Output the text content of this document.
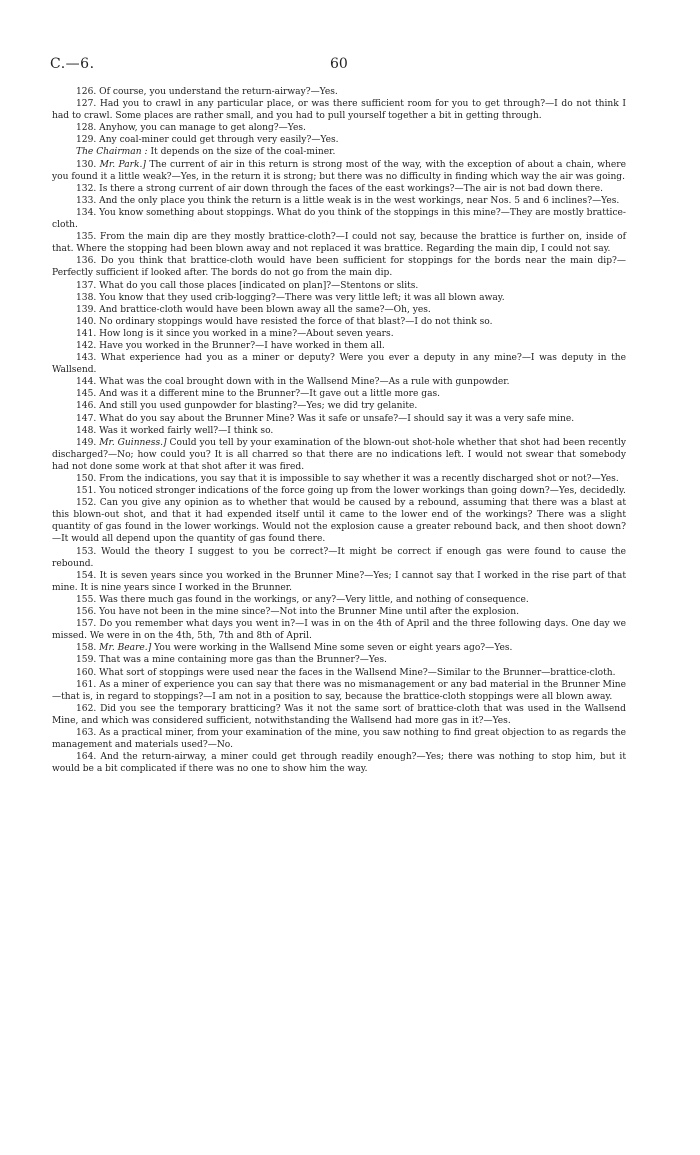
C.—6.	60

126. Of course, you understand the return-airway?—Yes.

127. Had you to crawl in any particular place, or was there sufficient room for you to get through?—I do not think I had to crawl. Some places are rather small, and you had to pull yourself together a bit in getting through.

128. Anyhow, you can manage to get along?—Yes.

129. Any coal-miner could get through very easily?—Yes.

The Chairman : It depends on the size of the coal-miner.

130. Mr. Park.] The current of air in this return is strong most of the way, with the exception of about a chain, where you found it a little weak?—Yes, in the return it is strong; but there was no difficulty in finding which way the air was going.

132. Is there a strong current of air down through the faces of the east workings?—The air is not bad down there.

133. And the only place you think the return is a little weak is in the west workings, near Nos. 5 and 6 inclines?—Yes.

134. You know something about stoppings. What do you think of the stoppings in this mine?—They are mostly brattice-cloth.

135. From the main dip are they mostly brattice-cloth?—I could not say, because the brattice is further on, inside of that. Where the stopping had been blown away and not replaced it was brattice. Regarding the main dip, I could not say.

136. Do you think that brattice-cloth would have been sufficient for stoppings for the bords near the main dip?—Perfectly sufficient if looked after. The bords do not go from the main dip.

137. What do you call those places [indicated on plan]?—Stentons or slits.

138. You know that they used crib-logging?—There was very little left; it was all blown away.

139. And brattice-cloth would have been blown away all the same?—Oh, yes.

140. No ordinary stoppings would have resisted the force of that blast?—I do not think so.

141. How long is it since you worked in a mine?—About seven years.

142. Have you worked in the Brunner?—I have worked in them all.

143. What experience had you as a miner or deputy? Were you ever a deputy in any mine?—I was deputy in the Wallsend.

144. What was the coal brought down with in the Wallsend Mine?—As a rule with gunpowder.

145. And was it a different mine to the Brunner?—It gave out a little more gas.

146. And still you used gunpowder for blasting?—Yes; we did try gelanite.

147. What do you say about the Brunner Mine? Was it safe or unsafe?—I should say it was a very safe mine.

148. Was it worked fairly well?—I think so.

149. Mr. Guinness.] Could you tell by your examination of the blown-out shot-hole whether that shot had been recently discharged?—No; how could you? It is all charred so that there are no indications left. I would not swear that somebody had not done some work at that shot after it was fired.

150. From the indications, you say that it is impossible to say whether it was a recently discharged shot or not?—Yes.

151. You noticed stronger indications of the force going up from the lower workings than going down?—Yes, decidedly.

152. Can you give any opinion as to whether that would be caused by a rebound, assuming that there was a blast at this blown-out shot, and that it had expended itself until it came to the lower end of the workings? There was a slight quantity of gas found in the lower workings. Would not the explosion cause a greater rebound back, and then shoot down?—It would all depend upon the quantity of gas found there.

153. Would the theory I suggest to you be correct?—It might be correct if enough gas were found to cause the rebound.

154. It is seven years since you worked in the Brunner Mine?—Yes; I cannot say that I worked in the rise part of that mine. It is nine years since I worked in the Brunner.

155. Was there much gas found in the workings, or any?—Very little, and nothing of consequence.

156. You have not been in the mine since?—Not into the Brunner Mine until after the explosion.

157. Do you remember what days you went in?—I was in on the 4th of April and the three following days. One day we missed. We were in on the 4th, 5th, 7th and 8th of April.

158. Mr. Beare.] You were working in the Wallsend Mine some seven or eight years ago?—Yes.

159. That was a mine containing more gas than the Brunner?—Yes.

160. What sort of stoppings were used near the faces in the Wallsend Mine?—Similar to the Brunner—brattice-cloth.

161. As a miner of experience you can say that there was no mismanagement or any bad material in the Brunner Mine—that is, in regard to stoppings?—I am not in a position to say, because the brattice-cloth stoppings were all blown away.

162. Did you see the temporary bratticing? Was it not the same sort of brattice-cloth that was used in the Wallsend Mine, and which was considered sufficient, notwithstanding the Wallsend had more gas in it?—Yes.

163. As a practical miner, from your examination of the mine, you saw nothing to find great objection to as regards the management and materials used?—No.

164. And the return-airway, a miner could get through readily enough?—Yes; there was nothing to stop him, but it would be a bit complicated if there was no one to show him the way.
